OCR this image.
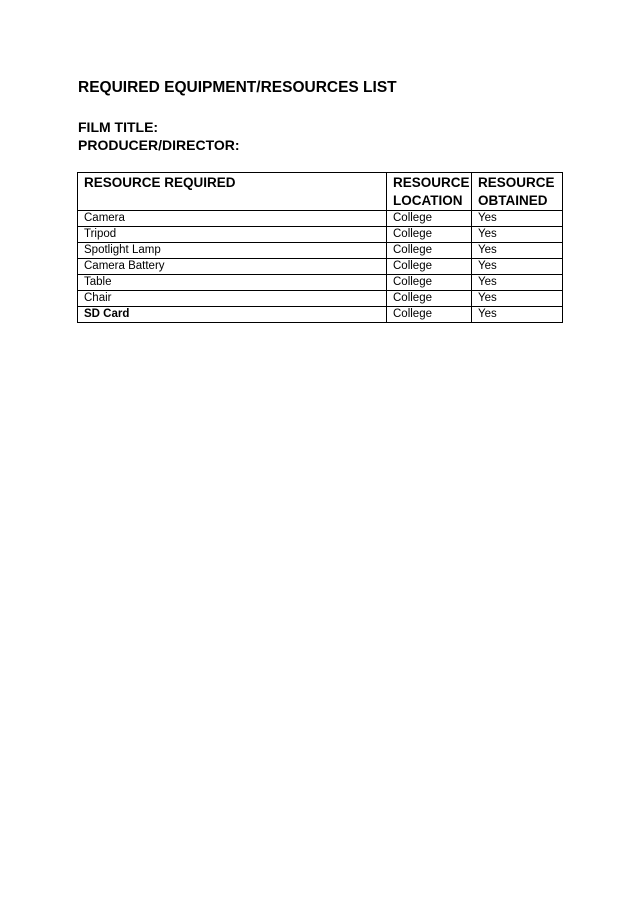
REQUIRED EQUIPMENT/RESOURCES LIST
FILM TITLE:
PRODUCER/DIRECTOR:
RESOURCE REQUIRED	RESOURCE LOCATION	RESOURCE OBTAINED
Camera	College	Yes
Tripod	College	Yes
Spotlight Lamp	College	Yes
Camera Battery	College	Yes
Table	College	Yes
Chair	College	Yes
SD Card	College	Yes
